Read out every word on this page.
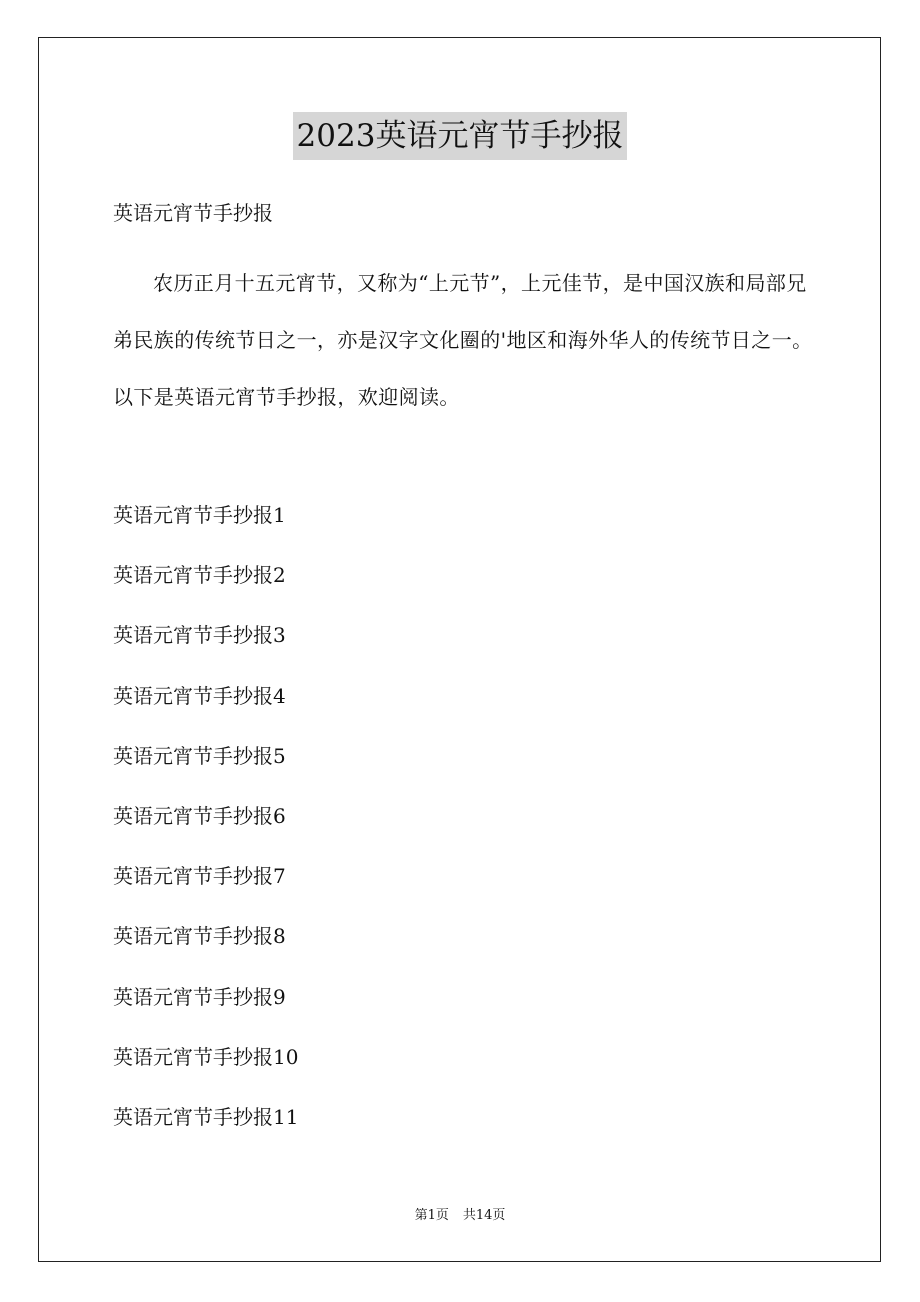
2023英语元宵节手抄报
英语元宵节手抄报

农历正月十五元宵节，又称为“上元节”，上元佳节，是中国汉族和局部兄弟民族的传统节日之一，亦是汉字文化圈的'地区和海外华人的传统节日之一。以下是英语元宵节手抄报，欢迎阅读。

英语元宵节手抄报1
英语元宵节手抄报2
英语元宵节手抄报3
英语元宵节手抄报4
英语元宵节手抄报5
英语元宵节手抄报6
英语元宵节手抄报7
英语元宵节手抄报8
英语元宵节手抄报9
英语元宵节手抄报10
英语元宵节手抄报11
第1页 共14页
